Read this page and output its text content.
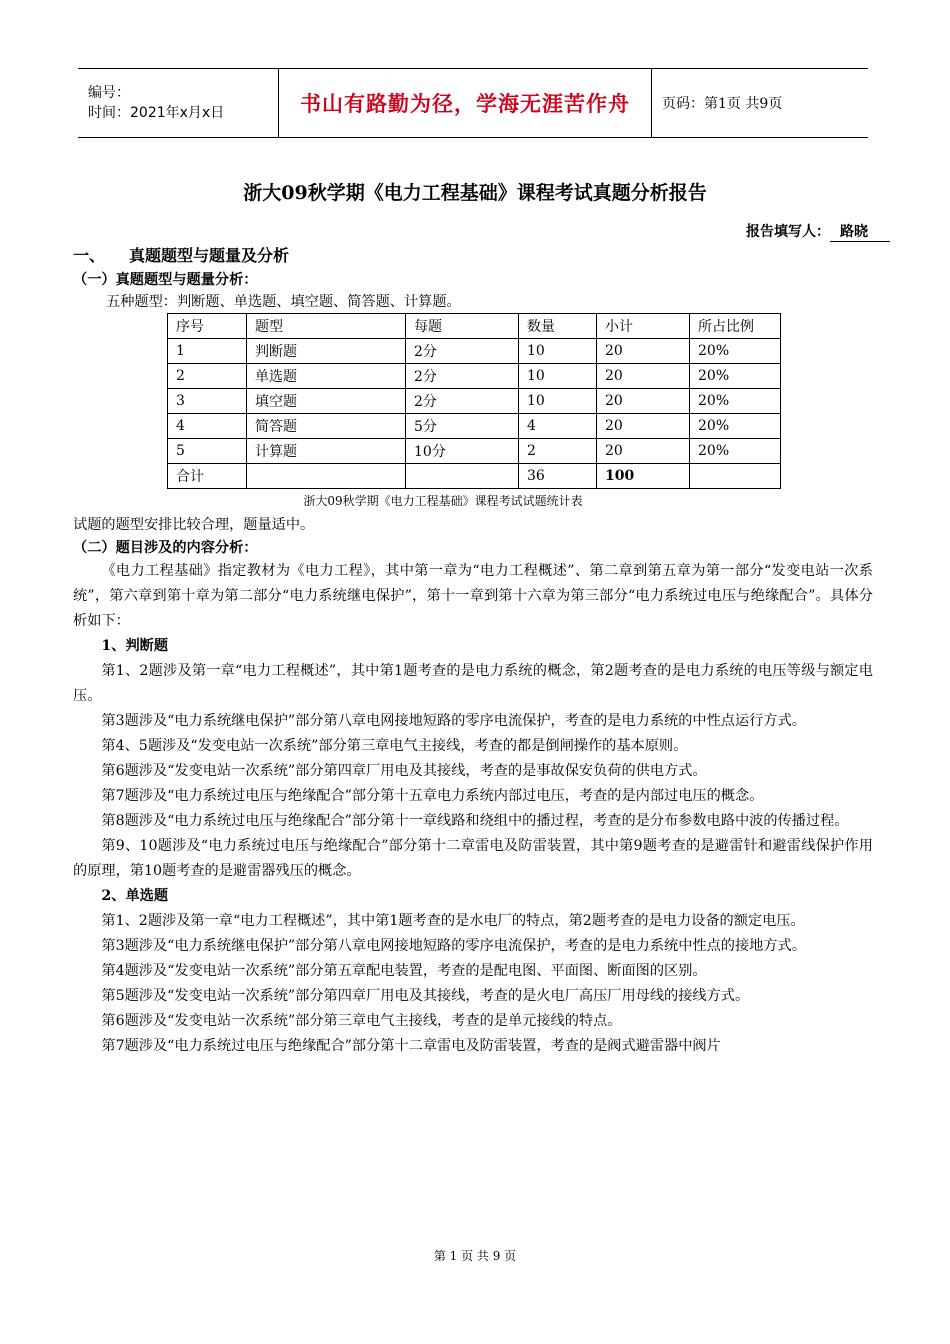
编号：
时间：2021年x月x日	书山有路勤为径，学海无涯苦作舟 页码：第1页 共9页
浙大09秋学期《电力工程基础》课程考试真题分析报告
报告填写人： 路晓
一、 真题题型与题量及分析
（一）真题题型与题量分析：
五种题型：判断题、单选题、填空题、简答题、计算题。
序号	题型	每题	数量	小计	所占比例
1	判断题	2分	10	20	20%
2	单选题	2分	10	20	20%
3	填空题	2分	10	20	20%
4	简答题	5分	4	20	20%
5	计算题	10分	2	20	20%
合计			36	100	
浙大09秋学期《电力工程基础》课程考试试题统计表
试题的题型安排比较合理，题量适中。
（二）题目涉及的内容分析：

《电力工程基础》指定教材为《电力工程》，其中第一章为“电力工程概述”、第二章到第五章为第一部分“发变电站一次系统”，第六章到第十章为第二部分“电力系统继电保护”，第十一章到第十六章为第三部分“电力系统过电压与绝缘配合”。具体分析如下：

1、判断题

第1、2题涉及第一章“电力工程概述”，其中第1题考查的是电力系统的概念，第2题考查的是电力系统的电压等级与额定电压。

第3题涉及“电力系统继电保护”部分第八章电网接地短路的零序电流保护，考查的是电力系统的中性点运行方式。

第4、5题涉及“发变电站一次系统”部分第三章电气主接线，考查的都是倒闸操作的基本原则。

第6题涉及“发变电站一次系统”部分第四章厂用电及其接线，考查的是事故保安负荷的供电方式。

第7题涉及“电力系统过电压与绝缘配合”部分第十五章电力系统内部过电压，考查的是内部过电压的概念。

第8题涉及“电力系统过电压与绝缘配合”部分第十一章线路和绕组中的播过程，考查的是分布参数电路中波的传播过程。

第9、10题涉及“电力系统过电压与绝缘配合”部分第十二章雷电及防雷装置，其中第9题考查的是避雷针和避雷线保护作用的原理，第10题考查的是避雷器残压的概念。

2、单选题

第1、2题涉及第一章“电力工程概述”，其中第1题考查的是水电厂的特点，第2题考查的是电力设备的额定电压。

第3题涉及“电力系统继电保护”部分第八章电网接地短路的零序电流保护，考查的是电力系统中性点的接地方式。

第4题涉及“发变电站一次系统”部分第五章配电装置，考查的是配电图、平面图、断面图的区别。

第5题涉及“发变电站一次系统”部分第四章厂用电及其接线，考查的是火电厂高压厂用母线的接线方式。

第6题涉及“发变电站一次系统”部分第三章电气主接线，考查的是单元接线的特点。

第7题涉及“电力系统过电压与绝缘配合”部分第十二章雷电及防雷装置，考查的是阀式避雷器中阀片

第 1 页 共 9 页
